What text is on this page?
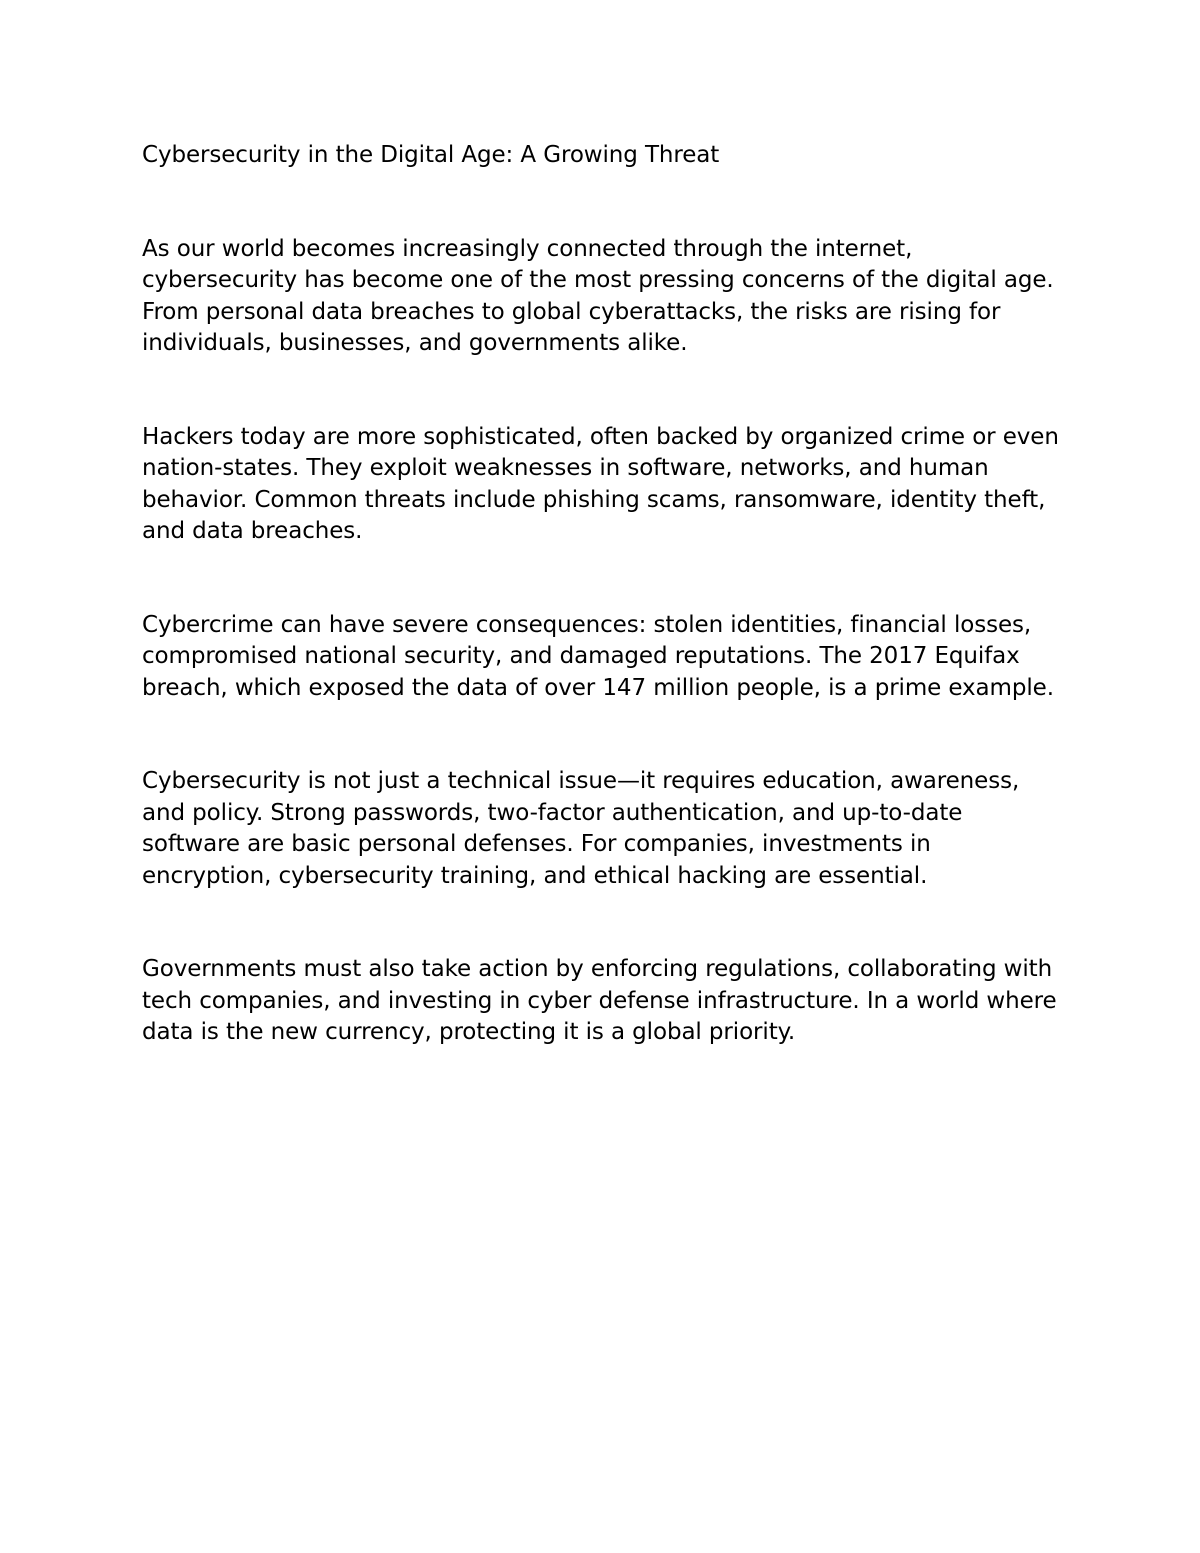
Cybersecurity in the Digital Age: A Growing Threat

As our world becomes increasingly connected through the internet, cybersecurity has become one of the most pressing concerns of the digital age. From personal data breaches to global cyberattacks, the risks are rising for individuals, businesses, and governments alike.

Hackers today are more sophisticated, often backed by organized crime or even nation-states. They exploit weaknesses in software, networks, and human behavior. Common threats include phishing scams, ransomware, identity theft, and data breaches.

Cybercrime can have severe consequences: stolen identities, financial losses, compromised national security, and damaged reputations. The 2017 Equifax breach, which exposed the data of over 147 million people, is a prime example.

Cybersecurity is not just a technical issue—it requires education, awareness, and policy. Strong passwords, two-factor authentication, and up-to-date software are basic personal defenses. For companies, investments in encryption, cybersecurity training, and ethical hacking are essential.

Governments must also take action by enforcing regulations, collaborating with tech companies, and investing in cyber defense infrastructure. In a world where data is the new currency, protecting it is a global priority.
